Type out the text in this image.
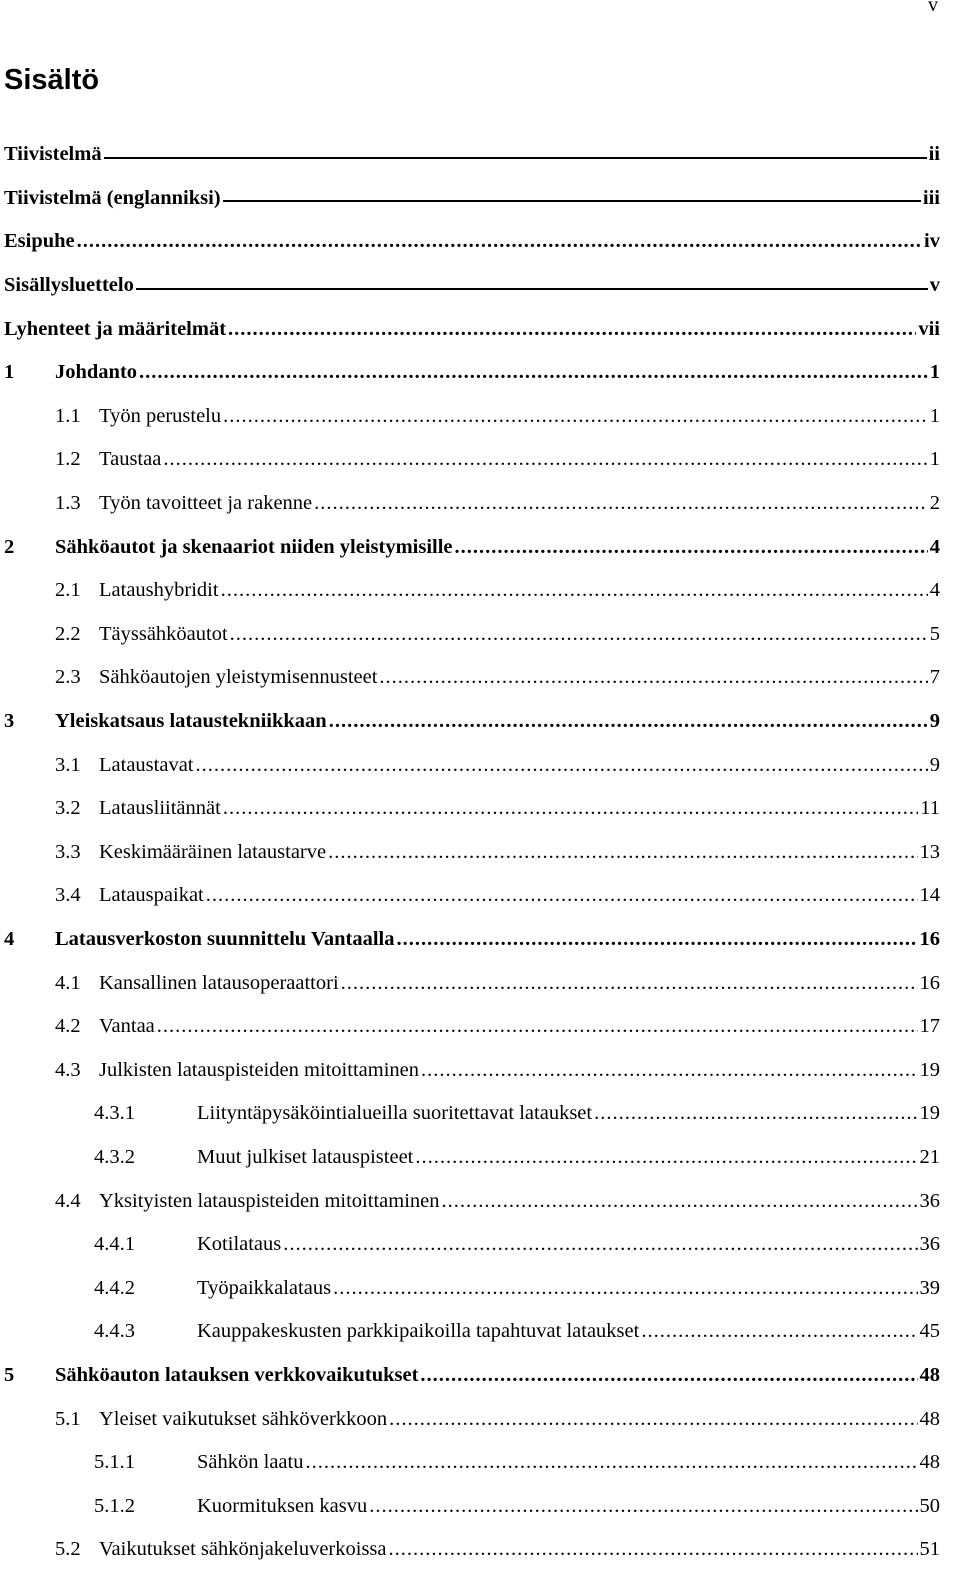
v
Sisältö
Tiivistelmä	ii
Tiivistelmä (englanniksi)	iii
Esipuhe .....	iv
Sisällysluettelo	v
Lyhenteet ja määritelmät .....	vii
1 Johdanto .....	1
1.1 Työn perustelu .....	1
1.2 Taustaa .....	1
1.3 Työn tavoitteet ja rakenne .....	2
2 Sähköautot ja skenaariot niiden yleistymisille .....	4
2.1 Lataushybridit .....	4
2.2 Täyssähköautot .....	5
2.3 Sähköautojen yleistymisennusteet .....	7
3 Yleiskatsaus lataustekniikkaan .....	9
3.1 Lataustavat .....	9
3.2 Latausliitännät .....	11
3.3 Keskimääräinen lataustarve .....	13
3.4 Latauspaikat .....	14
4 Latausverkoston suunnittelu Vantaalla .....	16
4.1 Kansallinen latausoperaattori .....	16
4.2 Vantaa .....	17
4.3 Julkisten latauspisteiden mitoittaminen .....	19
4.3.1	Liityntäpysäköintialueilla suoritettavat lataukset .....	19
4.3.2	Muut julkiset latauspisteet .....	21
4.4 Yksityisten latauspisteiden mitoittaminen .....	36
4.4.1	Kotilataus .....	36
4.4.2	Työpaikkalataus .....	39
4.4.3	Kauppakeskusten parkkipaikoilla tapahtuvat lataukset .....	45
5 Sähköauton latauksen verkkovaikutukset .....	48
5.1 Yleiset vaikutukset sähköverkkoon .....	48
5.1.1	Sähkön laatu .....	48
5.1.2	Kuormituksen kasvu .....	50
5.2 Vaikutukset sähkönjakeluverkoissa .....	51
